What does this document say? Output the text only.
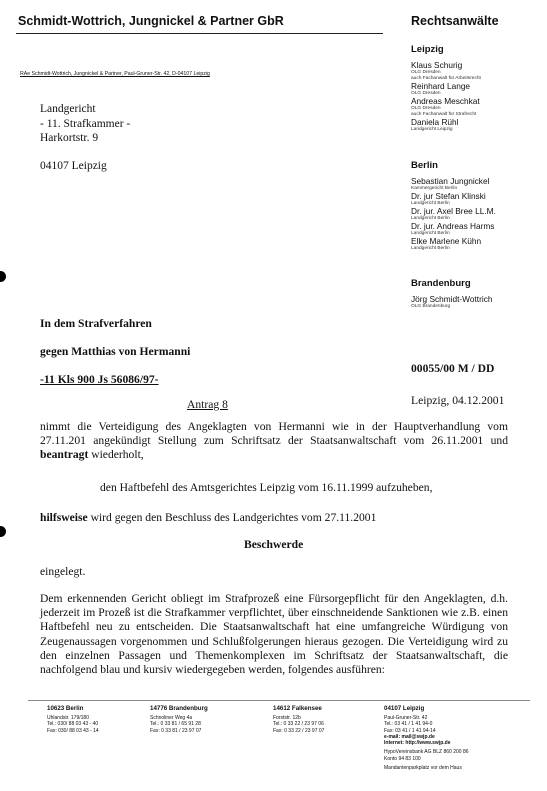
Schmidt-Wottrich, Jungnickel & Partner GbR	Rechtsanwälte
RAe Schmidt-Wottrich, Jungnickel & Partner, Paul-Gruner-Str. 42, D-04107 Leipzig
Landgericht
- 11. Strafkammer -
Harkortstr. 9
04107 Leipzig
Leipzig
Klaus Schurig
OLG Dresden
auch Fachanwalt für Arbeitsrecht
Reinhard Lange
OLG Dresden
Andreas Meschkat
OLG Dresden
auch Fachanwalt für Strafrecht
Daniela Rühl
Landgericht Leipzig
Berlin
Sebastian Jungnickel
Kammergericht Berlin
Dr. jur Stefan Klinski
Landgericht Berlin
Dr. jur. Axel Bree LL.M.
Landgericht Berlin
Dr. jur. Andreas Harms
Landgericht Berlin
Elke Marlene Kühn
Landgericht Berlin
Brandenburg
Jörg Schmidt-Wottrich
OLG Brandenburg
In dem Strafverfahren
gegen Matthias von Hermanni
-11 Kls 900 Js 56086/97-
00055/00 M / DD
Antrag 8	Leipzig, 04.12.2001
nimmt die Verteidigung des Angeklagten von Hermanni wie in der Hauptverhandlung vom 27.11.201 angekündigt Stellung zum Schriftsatz der Staatsanwaltschaft vom 26.11.2001 und beantragt wiederholt,
den Haftbefehl des Amtsgerichtes Leipzig vom 16.11.1999 aufzuheben,
hilfsweise wird gegen den Beschluss des Landgerichtes vom 27.11.2001
Beschwerde
eingelegt.
Dem erkennenden Gericht obliegt im Strafprozeß eine Fürsorgepflicht für den Angeklagten, d.h. jederzeit im Prozeß ist die Strafkammer verpflichtet, über einschneidende Sanktionen wie z.B. einen Haftbefehl neu zu entscheiden. Die Staatsanwaltschaft hat eine umfangreiche Würdigung von Zeugenaussagen vorgenommen und Schlußfolgerungen hieraus gezogen. Die Verteidigung wird zu den einzelnen Passagen und Themenkomplexen im Schriftsatz der Staatsanwaltschaft, die nachfolgend blau und kursiv wiedergegeben werden, folgendes ausführen:
10623 Berlin
Uhlandstr. 179/180
Tel.: 030/ 88 03 43 - 40
Fax: 030/ 88 03 43 - 14
14776 Brandenburg
Schnoliner Weg 4a
Tel.: 0 33 81 / 65 91 28
Fax: 0 33 81 / 23 97 07
14612 Falkensee
Forststr. 12b
Tel.: 0 33 22 / 23 97 06
Fax: 0 33 22 / 23 97 07
04107 Leipzig
Paul-Gruner-Str. 42
Tel.: 03 41 / 1 41 94-0
Fax: 03 41 / 1 41 94-14
e-mail: mail@swjp.de
Internet: http://www.swjp.de
HypoVereinsbank AG BLZ 860 200 86
Konto 94 83 100
Mandantenparkplatz vor dem Haus
